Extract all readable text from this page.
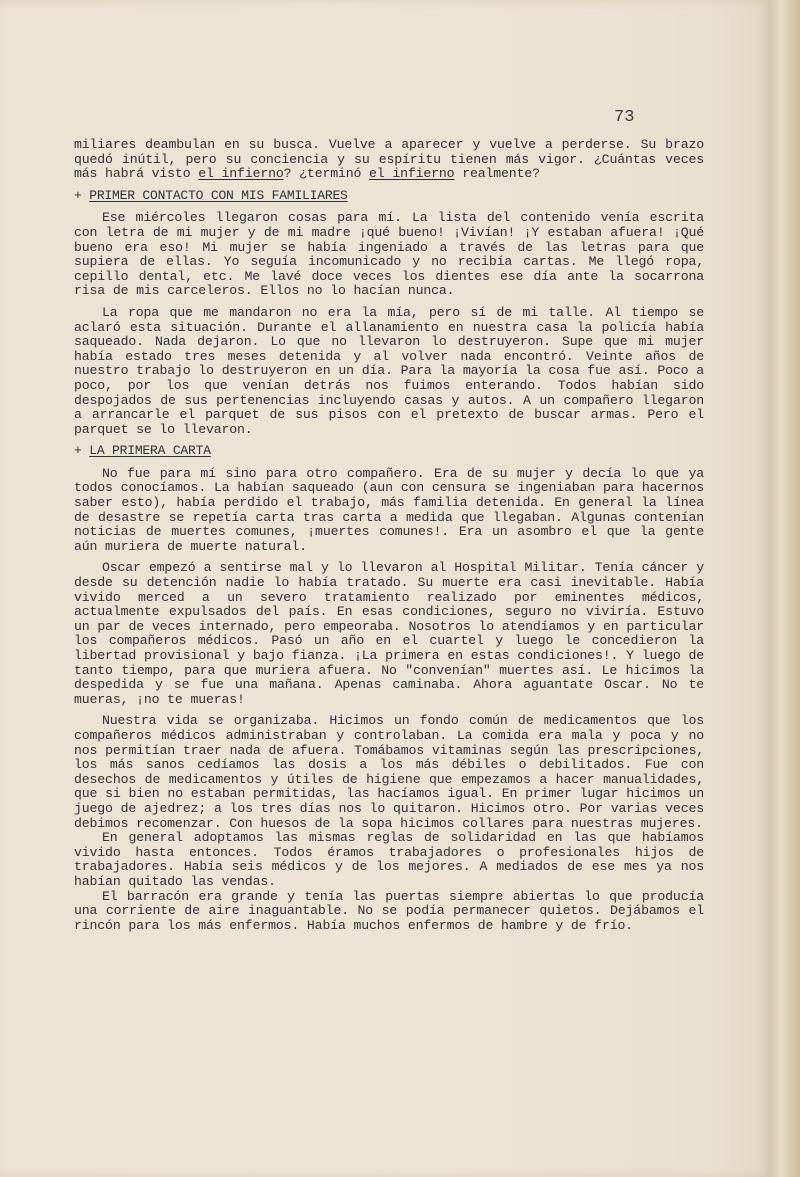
73

miliares deambulan en su busca. Vuelve a aparecer y vuelve a perderse. Su brazo quedó inútil, pero su conciencia y su espíritu tienen más vigor. ¿Cuántas veces más habrá visto el infierno? ¿terminó el infierno realmente?

+ PRIMER CONTACTO CON MIS FAMILIARES

Ese miércoles llegaron cosas para mí. La lista del contenido venía escrita con letra de mi mujer y de mi madre ¡qué bueno! ¡Vivían! ¡Y estaban afuera! ¡Qué bueno era eso! Mi mujer se había ingeniado a través de las letras para que supiera de ellas. Yo seguía incomunicado y no recibía cartas. Me llegó ropa, cepillo dental, etc. Me lavé doce veces los dientes ese día ante la socarrona risa de mis carceleros. Ellos no lo hacían nunca.

La ropa que me mandaron no era la mía, pero sí de mi talle. Al tiempo se aclaró esta situación. Durante el allanamiento en nuestra casa la policía había saqueado. Nada dejaron. Lo que no llevaron lo destruyeron. Supe que mi mujer había estado tres meses detenida y al volver nada encontró. Veinte años de nuestro trabajo lo destruyeron en un día. Para la mayoría la cosa fue así. Poco a poco, por los que venían detrás nos fuimos enterando. Todos habían sido despojados de sus pertenencias incluyendo casas y autos. A un compañero llegaron a arrancarle el parquet de sus pisos con el pretexto de buscar armas. Pero el parquet se lo llevaron.

+ LA PRIMERA CARTA

No fue para mí sino para otro compañero. Era de su mujer y decía lo que ya todos conocíamos. La habían saqueado (aun con censura se ingeniaban para hacernos saber esto), había perdido el trabajo, más familia detenida. En general la línea de desastre se repetía carta tras carta a medida que llegaban. Algunas contenían noticias de muertes comunes, ¡muertes comunes!. Era un asombro el que la gente aún muriera de muerte natural.

Oscar empezó a sentirse mal y lo llevaron al Hospital Militar. Tenía cáncer y desde su detención nadie lo había tratado. Su muerte era casi inevitable. Había vivido merced a un severo tratamiento realizado por eminentes médicos, actualmente expulsados del país. En esas condiciones, seguro no viviría. Estuvo un par de veces internado, pero empeoraba. Nosotros lo atendíamos y en particular los compañeros médicos. Pasó un año en el cuartel y luego le concedieron la libertad provisional y bajo fianza. ¡La primera en estas condiciones!. Y luego de tanto tiempo, para que muriera afuera. No "convenían" muertes así. Le hicimos la despedida y se fue una mañana. Apenas caminaba. Ahora aguantate Oscar. No te mueras, ¡no te mueras!

Nuestra vida se organizaba. Hicimos un fondo común de medicamentos que los compañeros médicos administraban y controlaban. La comida era mala y poca y no nos permitían traer nada de afuera. Tomábamos vitaminas según las prescripciones, los más sanos cedíamos las dosis a los más débiles o debilitados. Fue con desechos de medicamentos y útiles de higiene que empezamos a hacer manualidades, que si bien no estaban permitidas, las hacíamos igual. En primer lugar hicimos un juego de ajedrez; a los tres días nos lo quitaron. Hicimos otro. Por varias veces debimos recomenzar. Con huesos de la sopa hicimos collares para nuestras mujeres.

En general adoptamos las mismas reglas de solidaridad en las que habíamos vivido hasta entonces. Todos éramos trabajadores o profesionales hijos de trabajadores. Había seis médicos y de los mejores. A mediados de ese mes ya nos habían quitado las vendas.

El barracón era grande y tenía las puertas siempre abiertas lo que producía una corriente de aire inaguantable. No se podía permanecer quietos. Dejábamos el rincón para los más enfermos. Había muchos enfermos de hambre y de frío.
